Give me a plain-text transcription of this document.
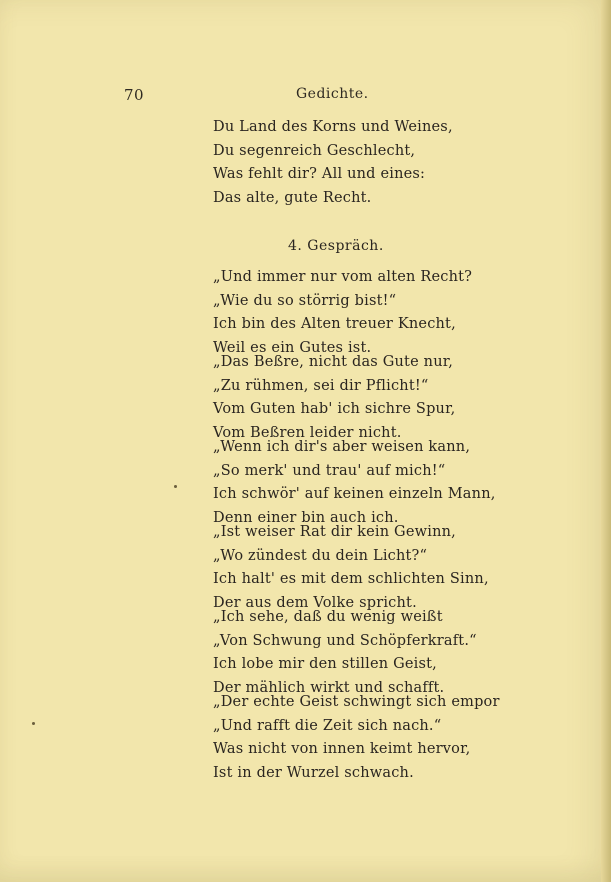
70	Gedichte.
Du Land des Korns und Weines,
Du segenreich Geschlecht,
Was fehlt dir? All und eines:
Das alte, gute Recht.
4. Gespräch.
„Und immer nur vom alten Recht?
„Wie du so störrig bist!“
Ich bin des Alten treuer Knecht,
Weil es ein Gutes ist.
„Das Beßre, nicht das Gute nur,
„Zu rühmen, sei dir Pflicht!“
Vom Guten hab' ich sichre Spur,
Vom Beßren leider nicht.
„Wenn ich dir's aber weisen kann,
„So merk' und trau' auf mich!“
Ich schwör' auf keinen einzeln Mann,
Denn einer bin auch ich.
„Ist weiser Rat dir kein Gewinn,
„Wo zündest du dein Licht?“
Ich halt' es mit dem schlichten Sinn,
Der aus dem Volke spricht.
„Ich sehe, daß du wenig weißt
„Von Schwung und Schöpferkraft.“
Ich lobe mir den stillen Geist,
Der mählich wirkt und schafft.
„Der echte Geist schwingt sich empor
„Und rafft die Zeit sich nach.“
Was nicht von innen keimt hervor,
Ist in der Wurzel schwach.
